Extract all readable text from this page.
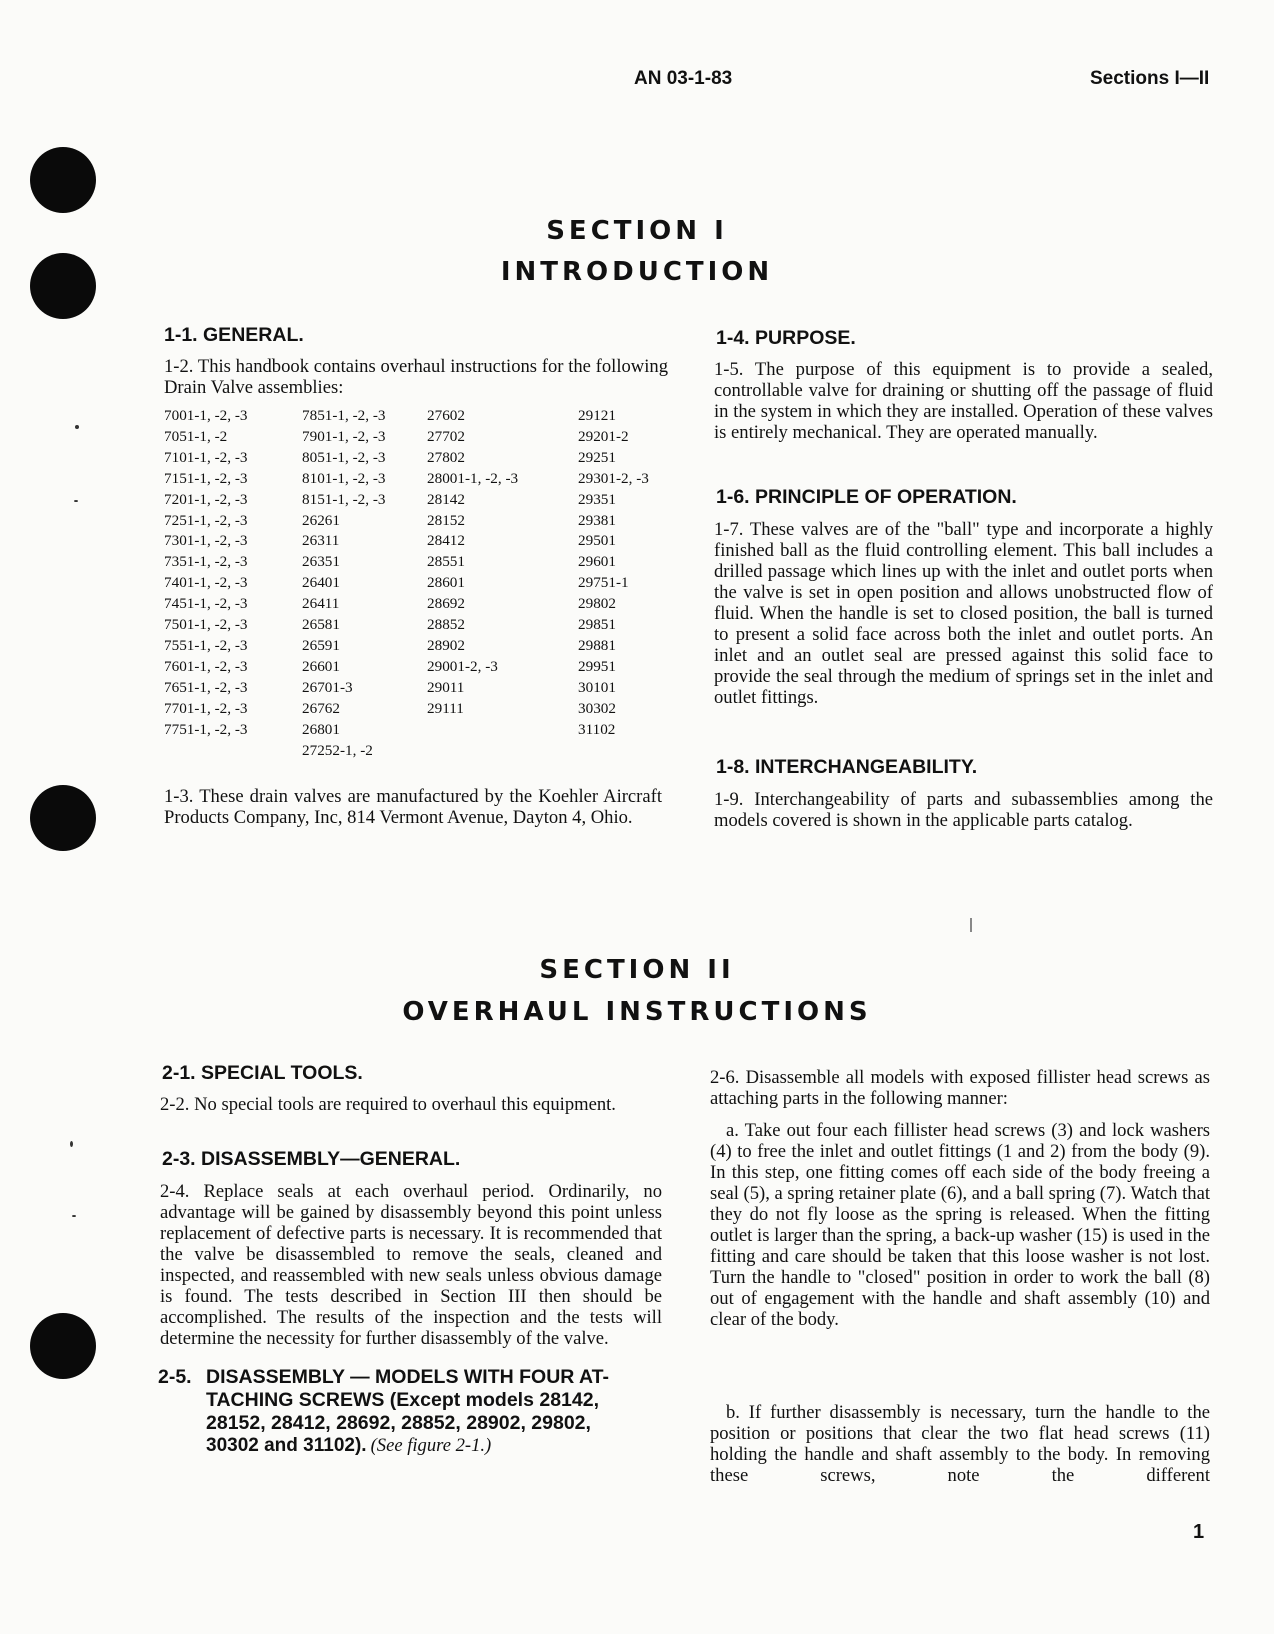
AN 03-1-83	Sections I—II
SECTION I
INTRODUCTION
1-1. GENERAL.

1-2. This handbook contains overhaul instructions for the following Drain Valve assemblies:

7001-1, -2, -3
7051-1, -2
7101-1, -2, -3
7151-1, -2, -3
7201-1, -2, -3
7251-1, -2, -3
7301-1, -2, -3
7351-1, -2, -3
7401-1, -2, -3
7451-1, -2, -3
7501-1, -2, -3
7551-1, -2, -3
7601-1, -2, -3
7651-1, -2, -3
7701-1, -2, -3
7751-1, -2, -3
7851-1, -2, -3
7901-1, -2, -3
8051-1, -2, -3
8101-1, -2, -3
8151-1, -2, -3
26261
26311
26351
26401
26411
26581
26591
26601
26701-3
26762
26801
27252-1, -2
27602
27702
27802
28001-1, -2, -3
28142
28152
28412
28551
28601
28692
28852
28902
29001-2, -3
29011
29111
29121
29201-2
29251
29301-2, -3
29351
29381
29501
29601
29751-1
29802
29851
29881
29951
30101
30302
31102

1-3. These drain valves are manufactured by the Koehler Aircraft Products Company, Inc, 814 Vermont Avenue, Dayton 4, Ohio.

1-4. PURPOSE.

1-5. The purpose of this equipment is to provide a sealed, controllable valve for draining or shutting off the passage of fluid in the system in which they are installed. Operation of these valves is entirely mechanical. They are operated manually.

1-6. PRINCIPLE OF OPERATION.

1-7. These valves are of the "ball" type and incorporate a highly finished ball as the fluid controlling element. This ball includes a drilled passage which lines up with the inlet and outlet ports when the valve is set in open position and allows unobstructed flow of fluid. When the handle is set to closed position, the ball is turned to present a solid face across both the inlet and outlet ports. An inlet and an outlet seal are pressed against this solid face to provide the seal through the medium of springs set in the inlet and outlet fittings.

1-8. INTERCHANGEABILITY.

1-9. Interchangeability of parts and subassemblies among the models covered is shown in the applicable parts catalog.

SECTION II
OVERHAUL INSTRUCTIONS
2-1. SPECIAL TOOLS.

2-2. No special tools are required to overhaul this equipment.

2-3. DISASSEMBLY—GENERAL.

2-4. Replace seals at each overhaul period. Ordinarily, no advantage will be gained by disassembly beyond this point unless replacement of defective parts is necessary. It is recommended that the valve be disassembled to remove the seals, cleaned and inspected, and reassembled with new seals unless obvious damage is found. The tests described in Section III then should be accomplished. The results of the inspection and the tests will determine the necessity for further disassembly of the valve.

2-5. DISASSEMBLY — MODELS WITH FOUR AT-
TACHING SCREWS (Except models 28142,
28152, 28412, 28692, 28852, 28902, 29802,
30302 and 31102). (See figure 2-1.)

2-6. Disassemble all models with exposed fillister head screws as attaching parts in the following manner:

a. Take out four each fillister head screws (3) and lock washers (4) to free the inlet and outlet fittings (1 and 2) from the body (9). In this step, one fitting comes off each side of the body freeing a seal (5), a spring retainer plate (6), and a ball spring (7). Watch that they do not fly loose as the spring is released. When the fitting outlet is larger than the spring, a back-up washer (15) is used in the fitting and care should be taken that this loose washer is not lost. Turn the handle to "closed" position in order to work the ball (8) out of engagement with the handle and shaft assembly (10) and clear of the body.

b. If further disassembly is necessary, turn the handle to the position or positions that clear the two flat head screws (11) holding the handle and shaft assembly to the body. In removing these screws, note the different

1
